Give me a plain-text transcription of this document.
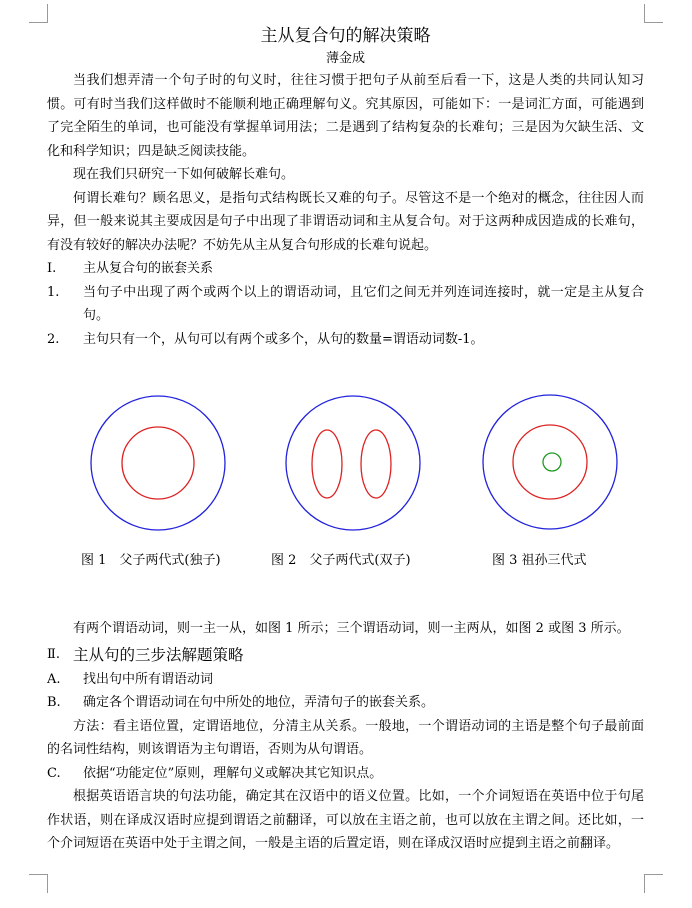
主从复合句的解决策略
薄金成

当我们想弄清一个句子时的句义时，往往习惯于把句子从前至后看一下，这是人类的共同认知习惯。可有时当我们这样做时不能顺利地正确理解句义。究其原因，可能如下：一是词汇方面，可能遇到了完全陌生的单词，也可能没有掌握单词用法；二是遇到了结构复杂的长难句；三是因为欠缺生活、文化和科学知识；四是缺乏阅读技能。

现在我们只研究一下如何破解长难句。

何谓长难句？顾名思义，是指句式结构既长又难的句子。尽管这不是一个绝对的概念，往往因人而异，但一般来说其主要成因是句子中出现了非谓语动词和主从复合句。对于这两种成因造成的长难句，有没有较好的解决办法呢？不妨先从主从复合句形成的长难句说起。

Ⅰ.	主从复合句的嵌套关系
1.	当句子中出现了两个或两个以上的谓语动词，且它们之间无并列连词连接时，就一定是主从复合句。
2.	主句只有一个，从句可以有两个或多个，从句的数量=谓语动词数-1。
图 1　父子两代式(独子)	图 2　父子两代式(双子)	图 3 祖孙三代式

有两个谓语动词，则一主一从，如图 1 所示；三个谓语动词，则一主两从，如图 2 或图 3 所示。

Ⅱ. 主从句的三步法解题策略
A.	找出句中所有谓语动词
B.	确定各个谓语动词在句中所处的地位，弄清句子的嵌套关系。

方法：看主语位置，定谓语地位，分清主从关系。一般地，一个谓语动词的主语是整个句子最前面的名词性结构，则该谓语为主句谓语，否则为从句谓语。

C.	依据“功能定位”原则，理解句义或解决其它知识点。

根据英语语言块的句法功能，确定其在汉语中的语义位置。比如，一个介词短语在英语中位于句尾作状语，则在译成汉语时应提到谓语之前翻译，可以放在主语之前，也可以放在主谓之间。还比如，一个介词短语在英语中处于主谓之间，一般是主语的后置定语，则在译成汉语时应提到主语之前翻译。
